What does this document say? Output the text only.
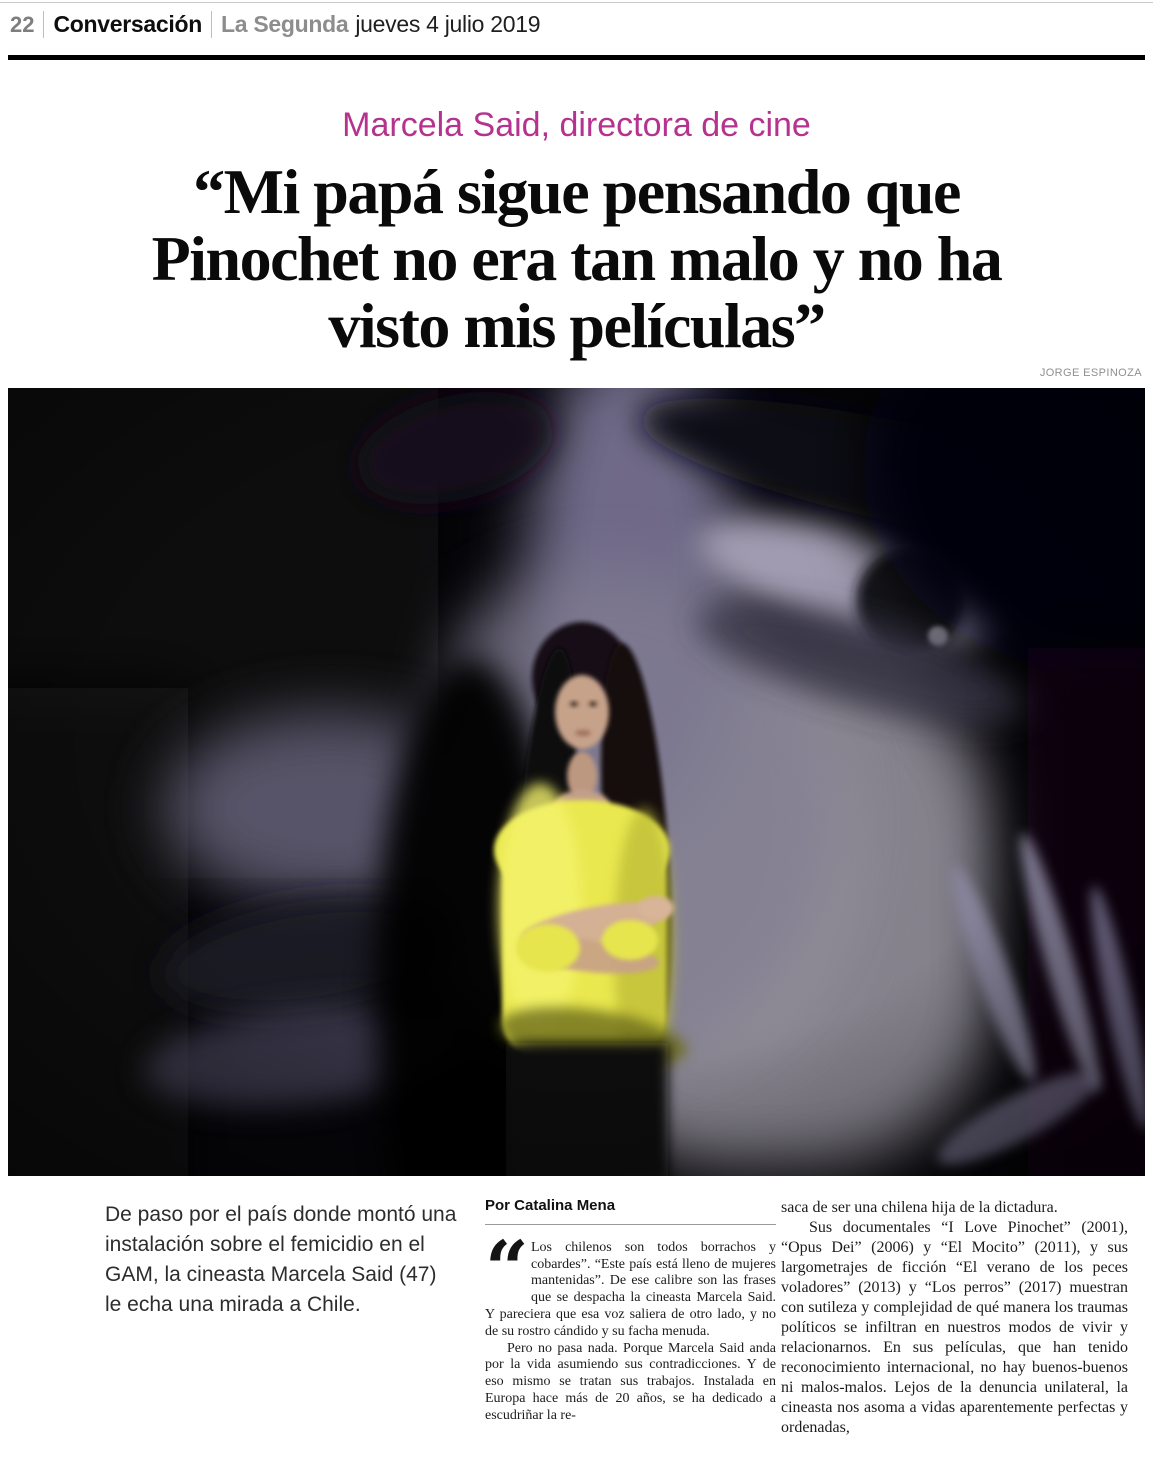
22 Conversación La Segunda jueves 4 julio 2019
Marcela Said, directora de cine
“Mi papá sigue pensando que
Pinochet no era tan malo y no ha
visto mis películas”
JORGE ESPINOZA
De paso por el país donde montó una instalación sobre el femicidio en el GAM, la cineasta Marcela Said (47) le echa una mirada a Chile.
Por Catalina Mena

“ Los chilenos son todos borrachos y cobardes”. “Este país está lleno de mujeres mantenidas”. De ese calibre son las frases que se despacha la cineasta Marcela Said. Y pareciera que esa voz saliera de otro lado, y no de su rostro cándido y su facha menuda.

Pero no pasa nada. Porque Marcela Said anda por la vida asumiendo sus contradicciones. Y de eso mismo se tratan sus trabajos. Instalada en Europa hace más de 20 años, se ha dedicado a escudriñar la re-

saca de ser una chilena hija de la dictadura.

Sus documentales “I Love Pinochet” (2001), “Opus Dei” (2006) y “El Mocito” (2011), y sus largometrajes de ficción “El verano de los peces voladores” (2013) y “Los perros” (2017) muestran con sutileza y complejidad de qué manera los traumas políticos se infiltran en nuestros modos de vivir y relacionarnos. En sus películas, que han tenido reconocimiento internacional, no hay buenos-buenos ni malos-malos. Lejos de la denuncia unilateral, la cineasta nos asoma a vidas aparentemente perfectas y ordenadas,
